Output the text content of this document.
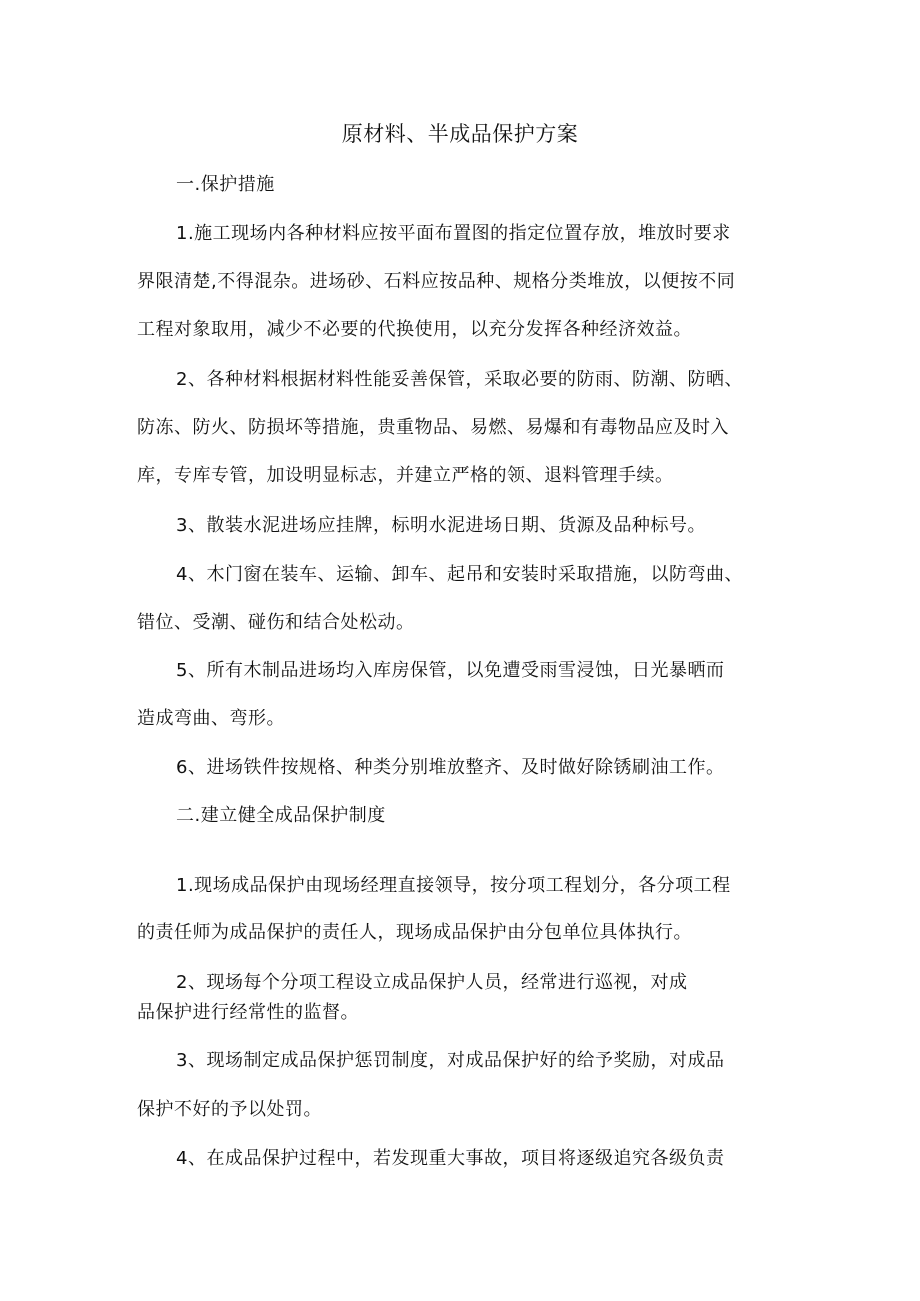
原材料、半成品保护方案
一.保护措施
1.施工现场内各种材料应按平面布置图的指定位置存放，堆放时要求
界限清楚,不得混杂。进场砂、石料应按品种、规格分类堆放，以便按不同
工程对象取用，减少不必要的代换使用，以充分发挥各种经济效益。
2、各种材料根据材料性能妥善保管，采取必要的防雨、防潮、防晒、
防冻、防火、防损坏等措施，贵重物品、易燃、易爆和有毒物品应及时入
库，专库专管，加设明显标志，并建立严格的领、退料管理手续。
3、散装水泥进场应挂牌，标明水泥进场日期、货源及品种标号。
4、木门窗在装车、运输、卸车、起吊和安装时采取措施，以防弯曲、
错位、受潮、碰伤和结合处松动。
5、所有木制品进场均入库房保管，以免遭受雨雪浸蚀，日光暴晒而
造成弯曲、弯形。
6、进场铁件按规格、种类分别堆放整齐、及时做好除锈刷油工作。
二.建立健全成品保护制度
1.现场成品保护由现场经理直接领导，按分项工程划分，各分项工程
的责任师为成品保护的责任人，现场成品保护由分包单位具体执行。
2、现场每个分项工程设立成品保护人员，经常进行巡视，对成
品保护进行经常性的监督。
3、现场制定成品保护惩罚制度，对成品保护好的给予奖励，对成品
保护不好的予以处罚。
4、在成品保护过程中，若发现重大事故，项目将逐级追究各级负责
